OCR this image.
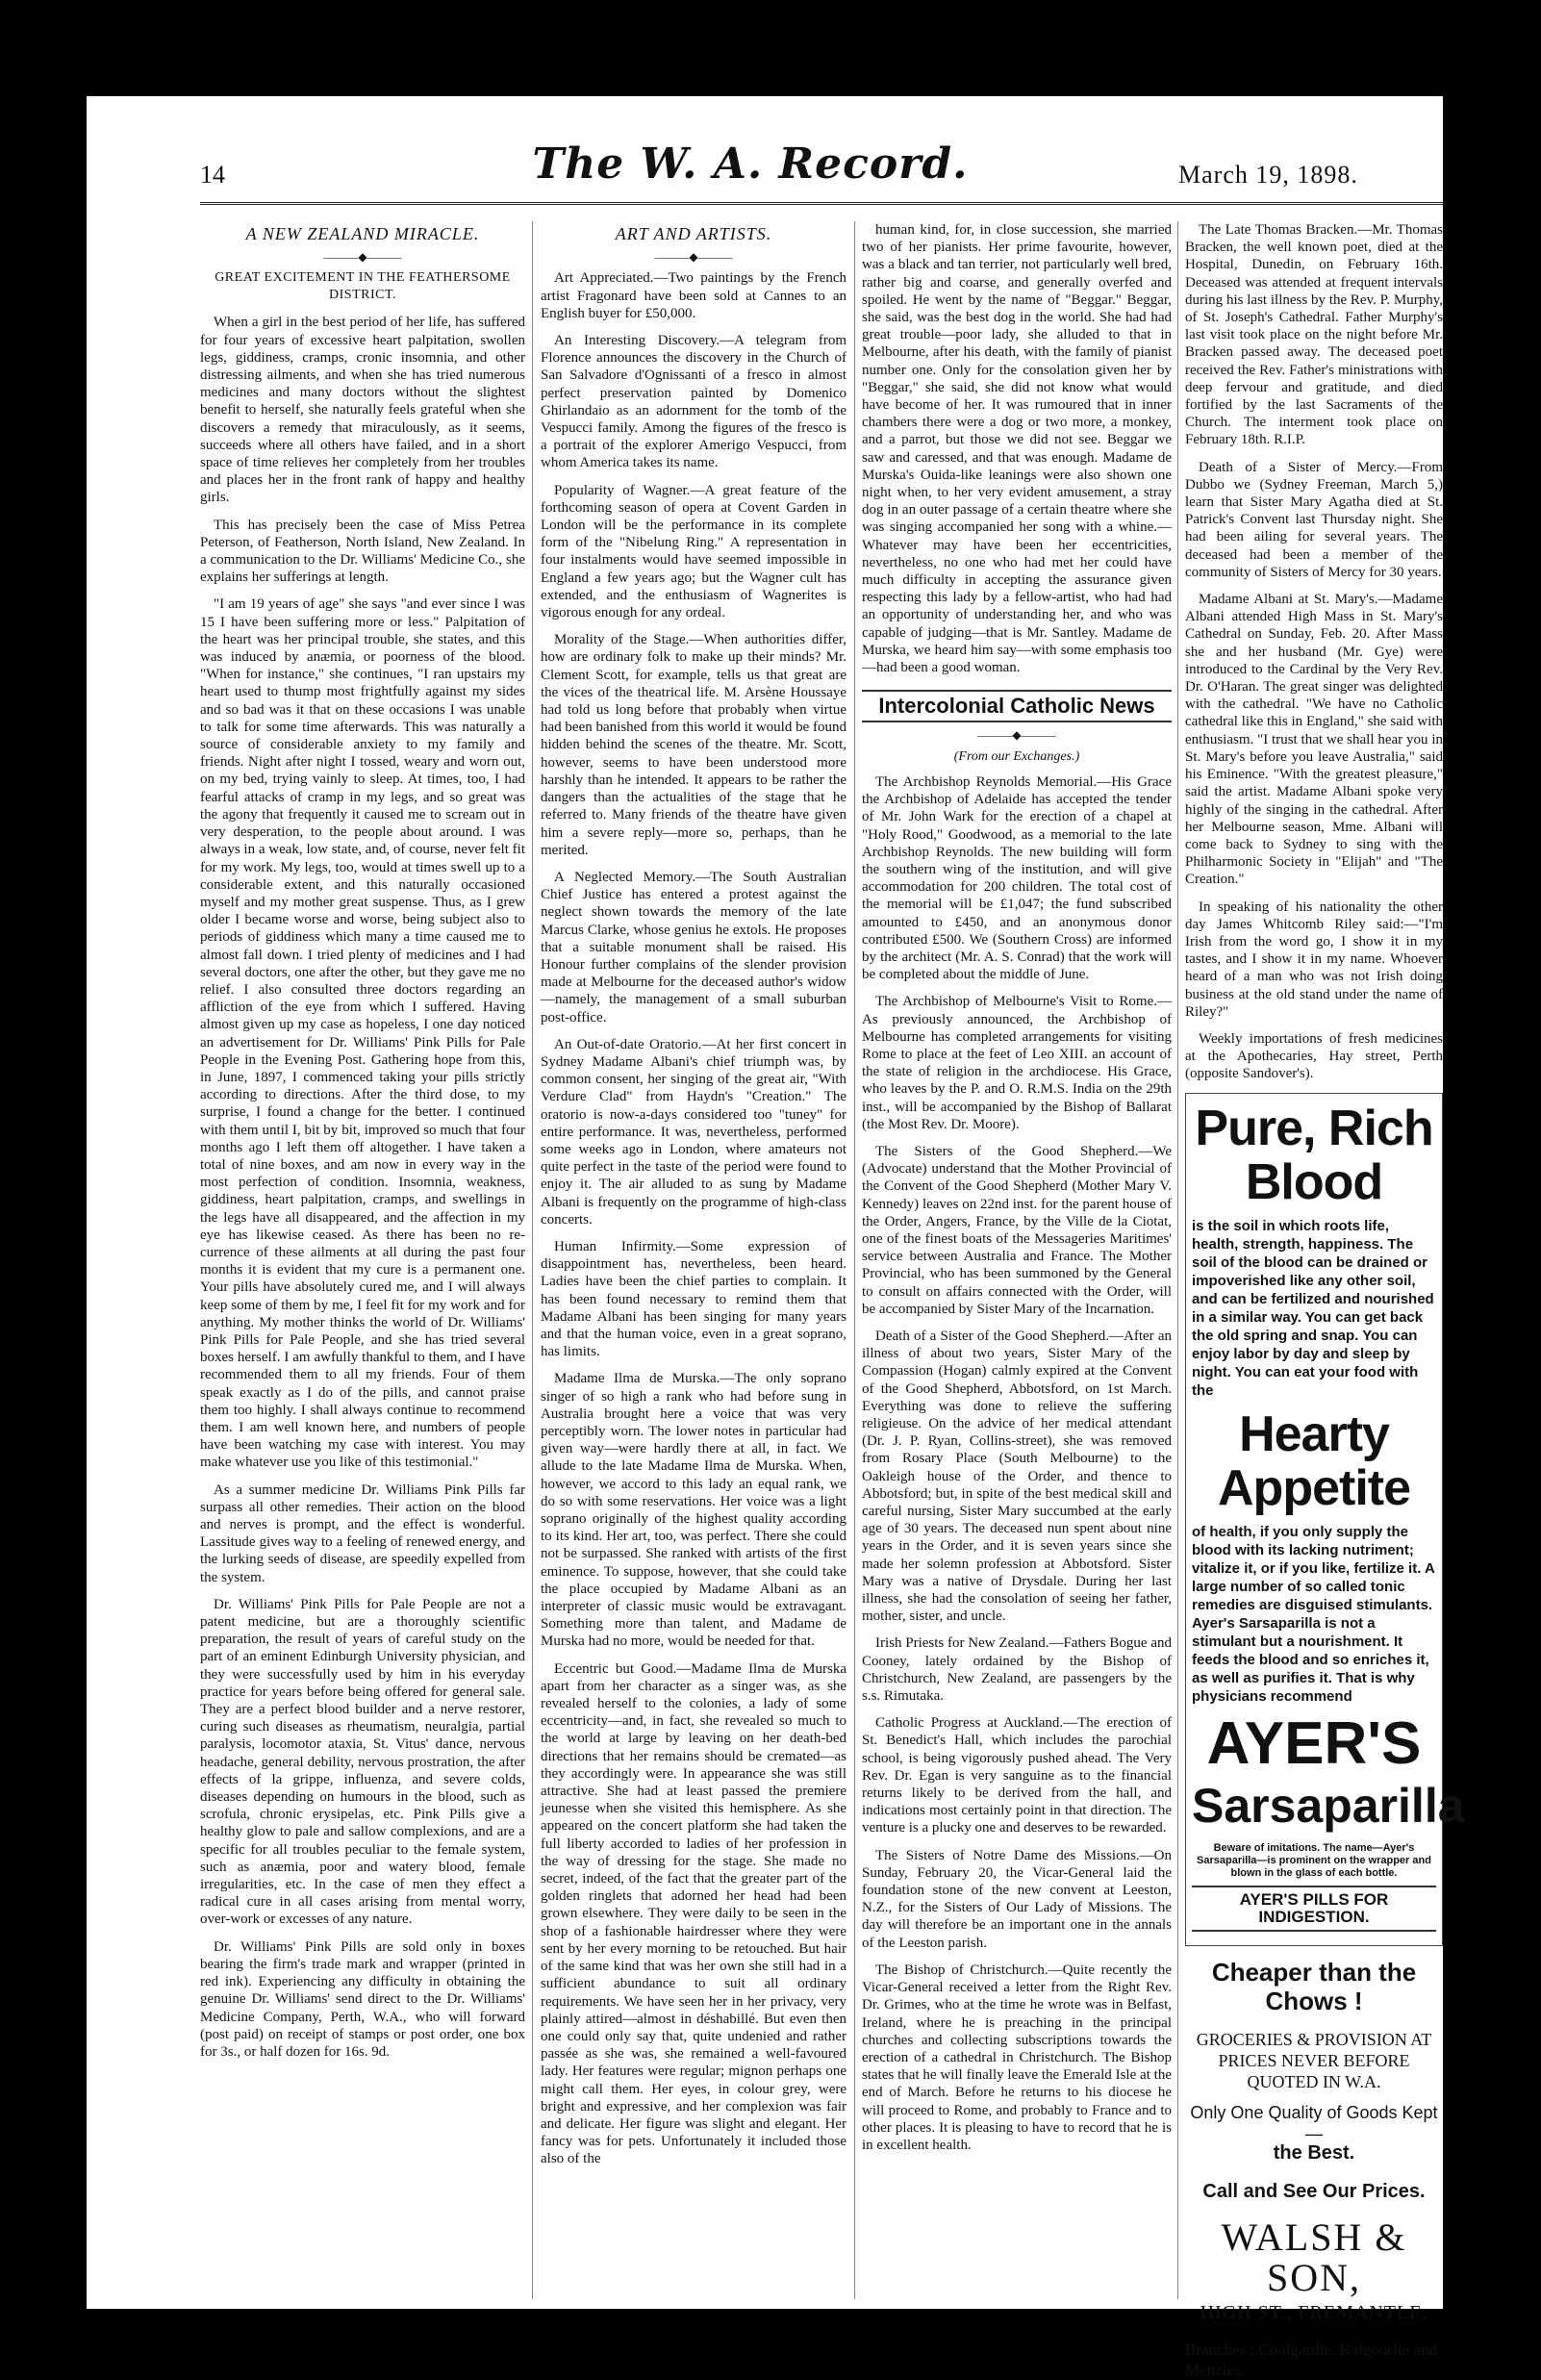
14	The W. A. Record.	March 19, 1898.
A NEW ZEALAND MIRACLE.
———◆———
GREAT EXCITEMENT IN THE FEATHERSOME DISTRICT.

When a girl in the best period of her life, has suffered for four years of excessive heart palpitation, swollen legs, giddiness, cramps, cronic insomnia, and other distressing ailments, and when she has tried numerous medicines and many doctors without the slightest benefit to herself, she naturally feels grateful when she discovers a remedy that miraculously, as it seems, succeeds where all others have failed, and in a short space of time relieves her completely from her troubles and places her in the front rank of happy and healthy girls.

This has precisely been the case of Miss Petrea Peterson, of Featherson, North Island, New Zealand. In a communication to the Dr. Williams' Medicine Co., she explains her sufferings at length.

"I am 19 years of age" she says "and ever since I was 15 I have been suffering more or less." Palpitation of the heart was her principal trouble, she states, and this was induced by anæmia, or poorness of the blood. "When for instance," she continues, "I ran upstairs my heart used to thump most frightfully against my sides and so bad was it that on these occasions I was unable to talk for some time afterwards. This was naturally a source of considerable anxiety to my family and friends. Night after night I tossed, weary and worn out, on my bed, trying vainly to sleep. At times, too, I had fearful attacks of cramp in my legs, and so great was the agony that frequently it caused me to scream out in very desperation, to the people about around. I was always in a weak, low state, and, of course, never felt fit for my work. My legs, too, would at times swell up to a considerable extent, and this naturally occasioned myself and my mother great suspense. Thus, as I grew older I became worse and worse, being subject also to periods of giddiness which many a time caused me to almost fall down. I tried plenty of medicines and I had several doctors, one after the other, but they gave me no relief. I also consulted three doctors regarding an affliction of the eye from which I suffered. Having almost given up my case as hopeless, I one day noticed an advertisement for Dr. Williams' Pink Pills for Pale People in the Evening Post. Gathering hope from this, in June, 1897, I commenced taking your pills strictly according to directions. After the third dose, to my surprise, I found a change for the better. I continued with them until I, bit by bit, improved so much that four months ago I left them off altogether. I have taken a total of nine boxes, and am now in every way in the most perfection of condition. Insomnia, weakness, giddiness, heart palpitation, cramps, and swellings in the legs have all disappeared, and the affection in my eye has likewise ceased. As there has been no re-currence of these ailments at all during the past four months it is evident that my cure is a permanent one. Your pills have absolutely cured me, and I will always keep some of them by me, I feel fit for my work and for anything. My mother thinks the world of Dr. Williams' Pink Pills for Pale People, and she has tried several boxes herself. I am awfully thankful to them, and I have recommended them to all my friends. Four of them speak exactly as I do of the pills, and cannot praise them too highly. I shall always continue to recommend them. I am well known here, and numbers of people have been watching my case with interest. You may make whatever use you like of this testimonial."

As a summer medicine Dr. Williams Pink Pills far surpass all other remedies. Their action on the blood and nerves is prompt, and the effect is wonderful. Lassitude gives way to a feeling of renewed energy, and the lurking seeds of disease, are speedily expelled from the system.

Dr. Williams' Pink Pills for Pale People are not a patent medicine, but are a thoroughly scientific preparation, the result of years of careful study on the part of an eminent Edinburgh University physician, and they were successfully used by him in his everyday practice for years before being offered for general sale. They are a perfect blood builder and a nerve restorer, curing such diseases as rheumatism, neuralgia, partial paralysis, locomotor ataxia, St. Vitus' dance, nervous headache, general debility, nervous prostration, the after effects of la grippe, influenza, and severe colds, diseases depending on humours in the blood, such as scrofula, chronic erysipelas, etc. Pink Pills give a healthy glow to pale and sallow complexions, and are a specific for all troubles peculiar to the female system, such as anæmia, poor and watery blood, female irregularities, etc. In the case of men they effect a radical cure in all cases arising from mental worry, over-work or excesses of any nature.

Dr. Williams' Pink Pills are sold only in boxes bearing the firm's trade mark and wrapper (printed in red ink). Experiencing any difficulty in obtaining the genuine Dr. Williams' send direct to the Dr. Williams' Medicine Company, Perth, W.A., who will forward (post paid) on receipt of stamps or post order, one box for 3s., or half dozen for 16s. 9d.

ART AND ARTISTS.
———◆———

Art Appreciated.—Two paintings by the French artist Fragonard have been sold at Cannes to an English buyer for £50,000.

An Interesting Discovery.—A telegram from Florence announces the discovery in the Church of San Salvadore d'Ognissanti of a fresco in almost perfect preservation painted by Domenico Ghirlandaio as an adornment for the tomb of the Vespucci family. Among the figures of the fresco is a portrait of the explorer Amerigo Vespucci, from whom America takes its name.

Popularity of Wagner.—A great feature of the forthcoming season of opera at Covent Garden in London will be the performance in its complete form of the "Nibelung Ring." A representation in four instalments would have seemed impossible in England a few years ago; but the Wagner cult has extended, and the enthusiasm of Wagnerites is vigorous enough for any ordeal.

Morality of the Stage.—When authorities differ, how are ordinary folk to make up their minds? Mr. Clement Scott, for example, tells us that great are the vices of the theatrical life. M. Arsène Houssaye had told us long before that probably when virtue had been banished from this world it would be found hidden behind the scenes of the theatre. Mr. Scott, however, seems to have been understood more harshly than he intended. It appears to be rather the dangers than the actualities of the stage that he referred to. Many friends of the theatre have given him a severe reply—more so, perhaps, than he merited.

A Neglected Memory.—The South Australian Chief Justice has entered a protest against the neglect shown towards the memory of the late Marcus Clarke, whose genius he extols. He proposes that a suitable monument shall be raised. His Honour further complains of the slender provision made at Melbourne for the deceased author's widow—namely, the management of a small suburban post-office.

An Out-of-date Oratorio.—At her first concert in Sydney Madame Albani's chief triumph was, by common consent, her singing of the great air, "With Verdure Clad" from Haydn's "Creation." The oratorio is now-a-days considered too "tuney" for entire performance. It was, nevertheless, performed some weeks ago in London, where amateurs not quite perfect in the taste of the period were found to enjoy it. The air alluded to as sung by Madame Albani is frequently on the programme of high-class concerts.

Human Infirmity.—Some expression of disappointment has, nevertheless, been heard. Ladies have been the chief parties to complain. It has been found necessary to remind them that Madame Albani has been singing for many years and that the human voice, even in a great soprano, has limits.

Madame Ilma de Murska.—The only soprano singer of so high a rank who had before sung in Australia brought here a voice that was very perceptibly worn. The lower notes in particular had given way—were hardly there at all, in fact. We allude to the late Madame Ilma de Murska. When, however, we accord to this lady an equal rank, we do so with some reservations. Her voice was a light soprano originally of the highest quality according to its kind. Her art, too, was perfect. There she could not be surpassed. She ranked with artists of the first eminence. To suppose, however, that she could take the place occupied by Madame Albani as an interpreter of classic music would be extravagant. Something more than talent, and Madame de Murska had no more, would be needed for that.

Eccentric but Good.—Madame Ilma de Murska apart from her character as a singer was, as she revealed herself to the colonies, a lady of some eccentricity—and, in fact, she revealed so much to the world at large by leaving on her death-bed directions that her remains should be cremated—as they accordingly were. In appearance she was still attractive. She had at least passed the premiere jeunesse when she visited this hemisphere. As she appeared on the concert platform she had taken the full liberty accorded to ladies of her profession in the way of dressing for the stage. She made no secret, indeed, of the fact that the greater part of the golden ringlets that adorned her head had been grown elsewhere. They were daily to be seen in the shop of a fashionable hairdresser where they were sent by her every morning to be retouched. But hair of the same kind that was her own she still had in a sufficient abundance to suit all ordinary requirements. We have seen her in her privacy, very plainly attired—almost in déshabillé. But even then one could only say that, quite undenied and rather passée as she was, she remained a well-favoured lady. Her features were regular; mignon perhaps one might call them. Her eyes, in colour grey, were bright and expressive, and her complexion was fair and delicate. Her figure was slight and elegant. Her fancy was for pets. Unfortunately it included those also of the

human kind, for, in close succession, she married two of her pianists. Her prime favourite, however, was a black and tan terrier, not particularly well bred, rather big and coarse, and generally overfed and spoiled. He went by the name of "Beggar." Beggar, she said, was the best dog in the world. She had had great trouble—poor lady, she alluded to that in Melbourne, after his death, with the family of pianist number one. Only for the consolation given her by "Beggar," she said, she did not know what would have become of her. It was rumoured that in inner chambers there were a dog or two more, a monkey, and a parrot, but those we did not see. Beggar we saw and caressed, and that was enough. Madame de Murska's Ouida-like leanings were also shown one night when, to her very evident amusement, a stray dog in an outer passage of a certain theatre where she was singing accompanied her song with a whine.—Whatever may have been her eccentricities, nevertheless, no one who had met her could have much difficulty in accepting the assurance given respecting this lady by a fellow-artist, who had had an opportunity of understanding her, and who was capable of judging—that is Mr. Santley. Madame de Murska, we heard him say—with some emphasis too—had been a good woman.

Intercolonial Catholic News
———◆———
(From our Exchanges.)

The Archbishop Reynolds Memorial.—His Grace the Archbishop of Adelaide has accepted the tender of Mr. John Wark for the erection of a chapel at "Holy Rood," Goodwood, as a memorial to the late Archbishop Reynolds. The new building will form the southern wing of the institution, and will give accommodation for 200 children. The total cost of the memorial will be £1,047; the fund subscribed amounted to £450, and an anonymous donor contributed £500. We (Southern Cross) are informed by the architect (Mr. A. S. Conrad) that the work will be completed about the middle of June.

The Archbishop of Melbourne's Visit to Rome.—As previously announced, the Archbishop of Melbourne has completed arrangements for visiting Rome to place at the feet of Leo XIII. an account of the state of religion in the archdiocese. His Grace, who leaves by the P. and O. R.M.S. India on the 29th inst., will be accompanied by the Bishop of Ballarat (the Most Rev. Dr. Moore).

The Sisters of the Good Shepherd.—We (Advocate) understand that the Mother Provincial of the Convent of the Good Shepherd (Mother Mary V. Kennedy) leaves on 22nd inst. for the parent house of the Order, Angers, France, by the Ville de la Ciotat, one of the finest boats of the Messageries Maritimes' service between Australia and France. The Mother Provincial, who has been summoned by the General to consult on affairs connected with the Order, will be accompanied by Sister Mary of the Incarnation.

Death of a Sister of the Good Shepherd.—After an illness of about two years, Sister Mary of the Compassion (Hogan) calmly expired at the Convent of the Good Shepherd, Abbotsford, on 1st March. Everything was done to relieve the suffering religieuse. On the advice of her medical attendant (Dr. J. P. Ryan, Collins-street), she was removed from Rosary Place (South Melbourne) to the Oakleigh house of the Order, and thence to Abbotsford; but, in spite of the best medical skill and careful nursing, Sister Mary succumbed at the early age of 30 years. The deceased nun spent about nine years in the Order, and it is seven years since she made her solemn profession at Abbotsford. Sister Mary was a native of Drysdale. During her last illness, she had the consolation of seeing her father, mother, sister, and uncle.

Irish Priests for New Zealand.—Fathers Bogue and Cooney, lately ordained by the Bishop of Christchurch, New Zealand, are passengers by the s.s. Rimutaka.

Catholic Progress at Auckland.—The erection of St. Benedict's Hall, which includes the parochial school, is being vigorously pushed ahead. The Very Rev. Dr. Egan is very sanguine as to the financial returns likely to be derived from the hall, and indications most certainly point in that direction. The venture is a plucky one and deserves to be rewarded.

The Sisters of Notre Dame des Missions.—On Sunday, February 20, the Vicar-General laid the foundation stone of the new convent at Leeston, N.Z., for the Sisters of Our Lady of Missions. The day will therefore be an important one in the annals of the Leeston parish.

The Bishop of Christchurch.—Quite recently the Vicar-General received a letter from the Right Rev. Dr. Grimes, who at the time he wrote was in Belfast, Ireland, where he is preaching in the principal churches and collecting subscriptions towards the erection of a cathedral in Christchurch. The Bishop states that he will finally leave the Emerald Isle at the end of March. Before he returns to his diocese he will proceed to Rome, and probably to France and to other places. It is pleasing to have to record that he is in excellent health.

The Late Thomas Bracken.—Mr. Thomas Bracken, the well known poet, died at the Hospital, Dunedin, on February 16th. Deceased was attended at frequent intervals during his last illness by the Rev. P. Murphy, of St. Joseph's Cathedral. Father Murphy's last visit took place on the night before Mr. Bracken passed away. The deceased poet received the Rev. Father's ministrations with deep fervour and gratitude, and died fortified by the last Sacraments of the Church. The interment took place on February 18th. R.I.P.

Death of a Sister of Mercy.—From Dubbo we (Sydney Freeman, March 5,) learn that Sister Mary Agatha died at St. Patrick's Convent last Thursday night. She had been ailing for several years. The deceased had been a member of the community of Sisters of Mercy for 30 years.

Madame Albani at St. Mary's.—Madame Albani attended High Mass in St. Mary's Cathedral on Sunday, Feb. 20. After Mass she and her husband (Mr. Gye) were introduced to the Cardinal by the Very Rev. Dr. O'Haran. The great singer was delighted with the cathedral. "We have no Catholic cathedral like this in England," she said with enthusiasm. "I trust that we shall hear you in St. Mary's before you leave Australia," said his Eminence. "With the greatest pleasure," said the artist. Madame Albani spoke very highly of the singing in the cathedral. After her Melbourne season, Mme. Albani will come back to Sydney to sing with the Philharmonic Society in "Elijah" and "The Creation."

In speaking of his nationality the other day James Whitcomb Riley said:—"I'm Irish from the word go, I show it in my tastes, and I show it in my name. Whoever heard of a man who was not Irish doing business at the old stand under the name of Riley?"

Weekly importations of fresh medicines at the Apothecaries, Hay street, Perth (opposite Sandover's).

Pure, Rich Blood
is the soil in which roots life, health, strength, happiness. The soil of the blood can be drained or impoverished like any other soil, and can be fertilized and nourished in a similar way. You can get back the old spring and snap. You can enjoy labor by day and sleep by night. You can eat your food with the
Hearty Appetite
of health, if you only supply the blood with its lacking nutriment; vitalize it, or if you like, fertilize it. A large number of so called tonic remedies are disguised stimulants. Ayer's Sarsaparilla is not a stimulant but a nourishment. It feeds the blood and so enriches it, as well as purifies it. That is why physicians recommend
AYER'S
Sarsaparilla
Beware of imitations. The name—Ayer's Sarsaparilla—is prominent on the wrapper and blown in the glass of each bottle.
AYER'S PILLS FOR INDIGESTION.
Cheaper than the Chows !
GROCERIES & PROVISION AT PRICES NEVER BEFORE QUOTED IN W.A.
Only One Quality of Goods Kept—
the Best.
Call and See Our Prices.
WALSH & SON,
HIGH ST., FREMANTLE.
Branches : Coolgardie, Kalgoorlie and Menzies.
